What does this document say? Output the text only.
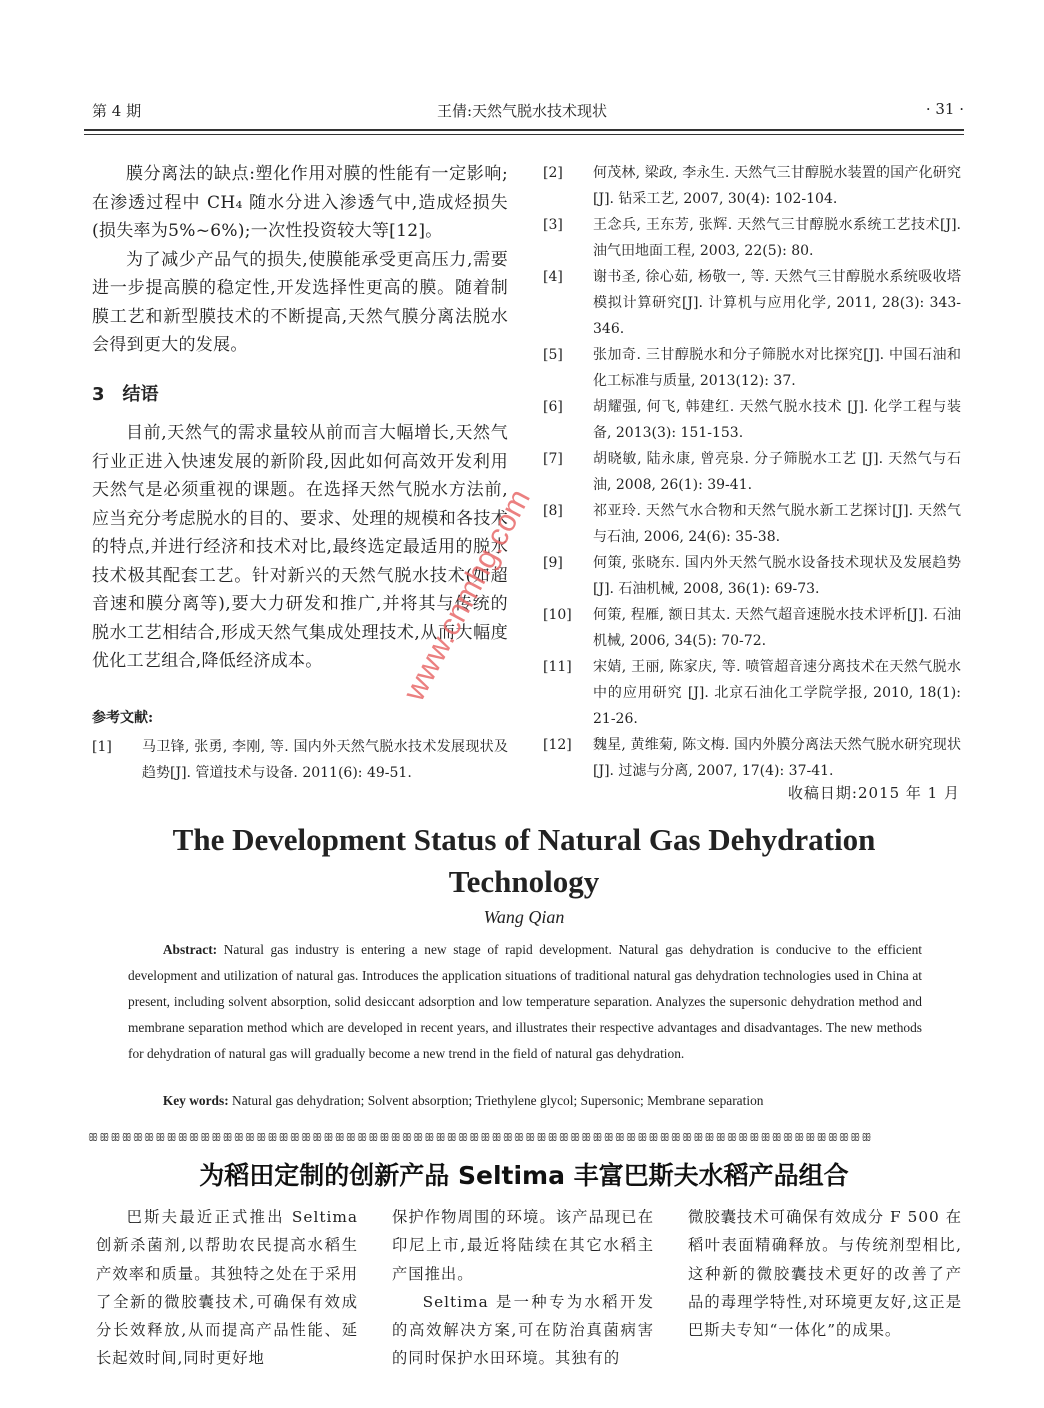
第 4 期	王倩:天然气脱水技术现状	· 31 ·

膜分离法的缺点:塑化作用对膜的性能有一定影响;在渗透过程中 CH₄ 随水分进入渗透气中,造成烃损失(损失率为5%~6%);一次性投资较大等[12]。

为了减少产品气的损失,使膜能承受更高压力,需要进一步提高膜的稳定性,开发选择性更高的膜。随着制膜工艺和新型膜技术的不断提高,天然气膜分离法脱水会得到更大的发展。

3　结语

目前,天然气的需求量较从前而言大幅增长,天然气行业正进入快速发展的新阶段,因此如何高效开发利用天然气是必须重视的课题。在选择天然气脱水方法前,应当充分考虑脱水的目的、要求、处理的规模和各技术的特点,并进行经济和技术对比,最终选定最适用的脱水技术极其配套工艺。针对新兴的天然气脱水技术(如超音速和膜分离等),要大力研发和推广,并将其与传统的脱水工艺相结合,形成天然气集成处理技术,从而大幅度优化工艺组合,降低经济成本。

参考文献:
[1] 马卫锋, 张勇, 李刚, 等. 国内外天然气脱水技术发展现状及趋势[J]. 管道技术与设备. 2011(6): 49-51.
[2] 何茂林, 梁政, 李永生. 天然气三甘醇脱水装置的国产化研究[J]. 钻采工艺, 2007, 30(4): 102-104.
[3] 王念兵, 王东芳, 张辉. 天然气三甘醇脱水系统工艺技术[J]. 油气田地面工程, 2003, 22(5): 80.
[4] 谢书圣, 徐心茹, 杨敬一, 等. 天然气三甘醇脱水系统吸收塔模拟计算研究[J]. 计算机与应用化学, 2011, 28(3): 343-346.
[5] 张加奇. 三甘醇脱水和分子筛脱水对比探究[J]. 中国石油和化工标准与质量, 2013(12): 37.
[6] 胡耀强, 何飞, 韩建红. 天然气脱水技术 [J]. 化学工程与装备, 2013(3): 151-153.
[7] 胡晓敏, 陆永康, 曾亮泉. 分子筛脱水工艺 [J]. 天然气与石油, 2008, 26(1): 39-41.
[8] 祁亚玲. 天然气水合物和天然气脱水新工艺探讨[J]. 天然气与石油, 2006, 24(6): 35-38.
[9] 何策, 张晓东. 国内外天然气脱水设备技术现状及发展趋势[J]. 石油机械, 2008, 36(1): 69-73.
[10] 何策, 程雁, 额日其太. 天然气超音速脱水技术评析[J]. 石油机械, 2006, 34(5): 70-72.
[11] 宋婧, 王丽, 陈家庆, 等. 喷管超音速分离技术在天然气脱水中的应用研究 [J]. 北京石油化工学院学报, 2010, 18(1): 21-26.
[12] 魏星, 黄维菊, 陈文梅. 国内外膜分离法天然气脱水研究现状[J]. 过滤与分离, 2007, 17(4): 37-41.
收稿日期:2015 年 1 月
The Development Status of Natural Gas Dehydration
Technology
Wang Qian

Abstract: Natural gas industry is entering a new stage of rapid development. Natural gas dehydration is conducive to the efficient development and utilization of natural gas. Introduces the application situations of traditional natural gas dehydration technologies used in China at present, including solvent absorption, solid desiccant adsorption and low temperature separation. Analyzes the supersonic dehydration method and membrane separation method which are developed in recent years, and illustrates their respective advantages and disadvantages. The new methods for dehydration of natural gas will gradually become a new trend in the field of natural gas dehydration.

Key words: Natural gas dehydration; Solvent absorption; Triethylene glycol; Supersonic; Membrane separation

ꕥꕥꕥꕥꕥꕥꕥꕥꕥꕥꕥꕥꕥꕥꕥꕥꕥꕥꕥꕥꕥꕥꕥꕥꕥꕥꕥꕥꕥꕥꕥꕥꕥꕥꕥꕥꕥꕥꕥꕥꕥꕥꕥꕥꕥꕥꕥꕥꕥꕥꕥꕥꕥꕥꕥꕥꕥꕥꕥꕥꕥꕥꕥꕥꕥꕥꕥꕥꕥꕥ
为稻田定制的创新产品 Seltima 丰富巴斯夫水稻产品组合

巴斯夫最近正式推出 Seltima 创新杀菌剂,以帮助农民提高水稻生产效率和质量。其独特之处在于采用了全新的微胶囊技术,可确保有效成分长效释放,从而提高产品性能、延长起效时间,同时更好地

保护作物周围的环境。该产品现已在印尼上市,最近将陆续在其它水稻主产国推出。

Seltima 是一种专为水稻开发的高效解决方案,可在防治真菌病害的同时保护水田环境。其独有的

微胶囊技术可确保有效成分 F 500 在稻叶表面精确释放。与传统剂型相比,这种新的微胶囊技术更好的改善了产品的毒理学特性,对环境更友好,这正是巴斯夫专知“一体化”的成果。

www.cnmhg.com
